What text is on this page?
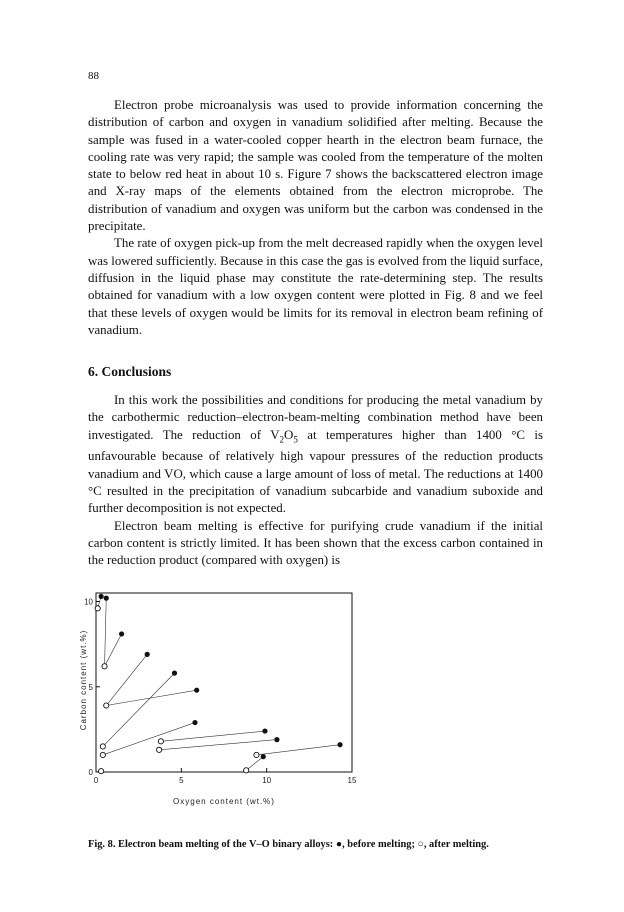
88

Electron probe microanalysis was used to provide information concerning the distribution of carbon and oxygen in vanadium solidified after melting. Because the sample was fused in a water-cooled copper hearth in the electron beam furnace, the cooling rate was very rapid; the sample was cooled from the temperature of the molten state to below red heat in about 10 s. Figure 7 shows the backscattered electron image and X-ray maps of the elements obtained from the electron microprobe. The distribution of vanadium and oxygen was uniform but the carbon was condensed in the precipitate.

The rate of oxygen pick-up from the melt decreased rapidly when the oxygen level was lowered sufficiently. Because in this case the gas is evolved from the liquid surface, diffusion in the liquid phase may constitute the rate-determining step. The results obtained for vanadium with a low oxygen content were plotted in Fig. 8 and we feel that these levels of oxygen would be limits for its removal in electron beam refining of vanadium.

6. Conclusions

In this work the possibilities and conditions for producing the metal vanadium by the carbothermic reduction–electron-beam-melting combination method have been investigated. The reduction of $V_2O_5$ at temperatures higher than 1400 °C is unfavourable because of relatively high vapour pressures of the reduction products vanadium and VO, which cause a large amount of loss of metal. The reductions at 1400 °C resulted in the precipitation of vanadium subcarbide and vanadium suboxide and further decomposition is not expected.

Electron beam melting is effective for purifying crude vanadium if the initial carbon content is strictly limited. It has been shown that the excess carbon contained in the reduction product (compared with oxygen) is

0	5	10	15
0
5
10
Carbon content (wt.%)
Oxygen content (wt.%)
Fig. 8. Electron beam melting of the V–O binary alloys: ●, before melting; ○, after melting.
